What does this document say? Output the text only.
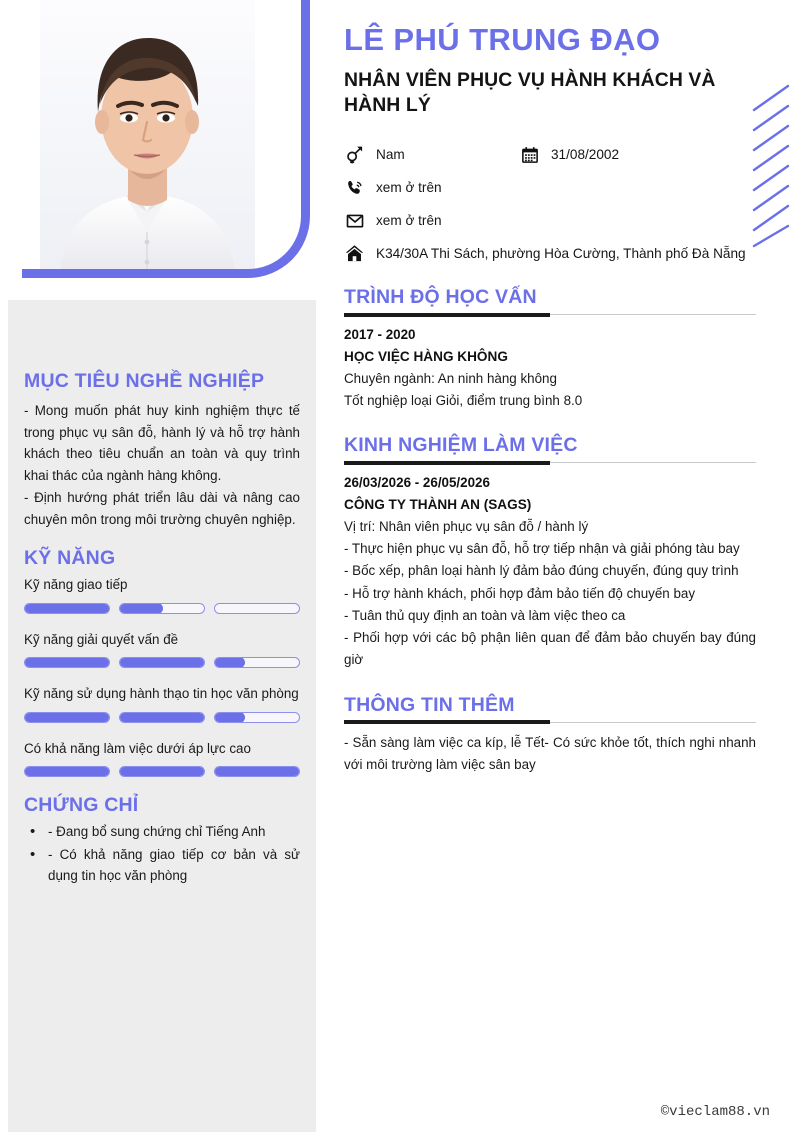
MỤC TIÊU NGHỀ NGHIỆP
- Mong muốn phát huy kinh nghiệm thực tế trong phục vụ sân đỗ, hành lý và hỗ trợ hành khách theo tiêu chuẩn an toàn và quy trình khai thác của ngành hàng không.
- Định hướng phát triển lâu dài và nâng cao chuyên môn trong môi trường chuyên nghiệp.
KỸ NĂNG
Kỹ năng giao tiếp
Kỹ năng giải quyết vấn đề
Kỹ năng sử dụng hành thạo tin học văn phòng
Có khả năng làm việc dưới áp lực cao
CHỨNG CHỈ
• - Đang bổ sung chứng chỉ Tiếng Anh
• - Có khả năng giao tiếp cơ bản và sử dụng tin học văn phòng
LÊ PHÚ TRUNG ĐẠO
NHÂN VIÊN PHỤC VỤ HÀNH KHÁCH VÀ HÀNH LÝ
Nam	31/08/2002
xem ở trên
xem ở trên
K34/30A Thi Sách, phường Hòa Cường, Thành phố Đà Nẵng
TRÌNH ĐỘ HỌC VẤN
2017 - 2020
HỌC VIỆC HÀNG KHÔNG
Chuyên ngành: An ninh hàng không
Tốt nghiệp loại Giỏi, điểm trung bình 8.0
KINH NGHIỆM LÀM VIỆC
26/03/2026 - 26/05/2026
CÔNG TY THÀNH AN (SAGS)
Vị trí: Nhân viên phục vụ sân đỗ / hành lý
- Thực hiện phục vụ sân đỗ, hỗ trợ tiếp nhận và giải phóng tàu bay
- Bốc xếp, phân loại hành lý đảm bảo đúng chuyến, đúng quy trình
- Hỗ trợ hành khách, phối hợp đảm bảo tiến độ chuyến bay
- Tuân thủ quy định an toàn và làm việc theo ca
- Phối hợp với các bộ phận liên quan để đảm bảo chuyến bay đúng giờ
THÔNG TIN THÊM
- Sẵn sàng làm việc ca kíp, lễ Tết- Có sức khỏe tốt, thích nghi nhanh với môi trường làm việc sân bay
©vieclam88.vn
